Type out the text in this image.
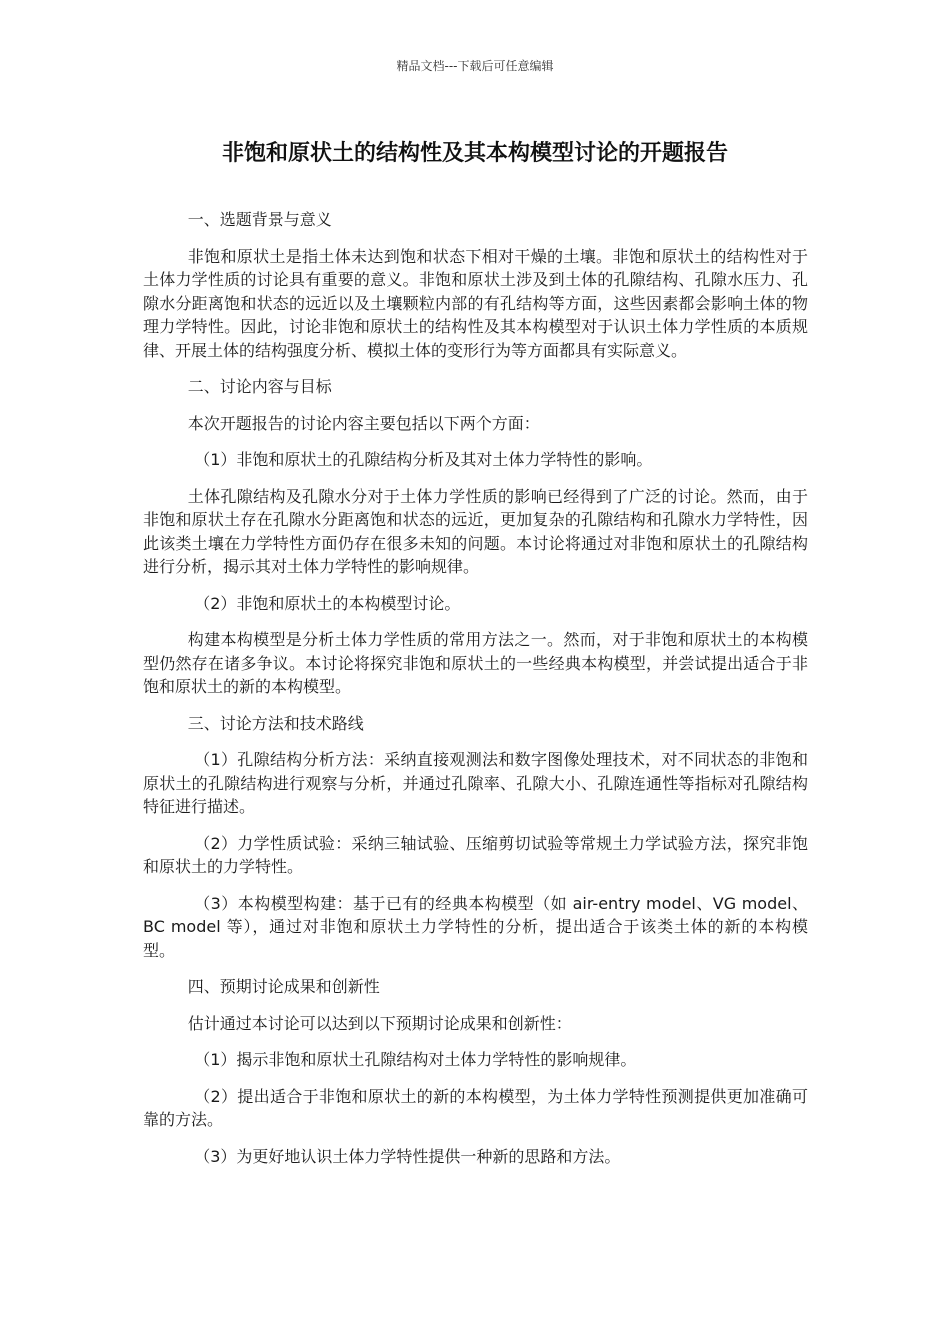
精品文档---下载后可任意编辑
非饱和原状土的结构性及其本构模型讨论的开题报告

一、选题背景与意义

非饱和原状土是指土体未达到饱和状态下相对干燥的土壤。非饱和原状土的结构性对于土体力学性质的讨论具有重要的意义。非饱和原状土涉及到土体的孔隙结构、孔隙水压力、孔隙水分距离饱和状态的远近以及土壤颗粒内部的有孔结构等方面，这些因素都会影响土体的物理力学特性。因此，讨论非饱和原状土的结构性及其本构模型对于认识土体力学性质的本质规律、开展土体的结构强度分析、模拟土体的变形行为等方面都具有实际意义。

二、讨论内容与目标

本次开题报告的讨论内容主要包括以下两个方面：

（1）非饱和原状土的孔隙结构分析及其对土体力学特性的影响。

土体孔隙结构及孔隙水分对于土体力学性质的影响已经得到了广泛的讨论。然而，由于非饱和原状土存在孔隙水分距离饱和状态的远近，更加复杂的孔隙结构和孔隙水力学特性，因此该类土壤在力学特性方面仍存在很多未知的问题。本讨论将通过对非饱和原状土的孔隙结构进行分析，揭示其对土体力学特性的影响规律。

（2）非饱和原状土的本构模型讨论。

构建本构模型是分析土体力学性质的常用方法之一。然而，对于非饱和原状土的本构模型仍然存在诸多争议。本讨论将探究非饱和原状土的一些经典本构模型，并尝试提出适合于非饱和原状土的新的本构模型。

三、讨论方法和技术路线

（1）孔隙结构分析方法：采纳直接观测法和数字图像处理技术，对不同状态的非饱和原状土的孔隙结构进行观察与分析，并通过孔隙率、孔隙大小、孔隙连通性等指标对孔隙结构特征进行描述。

（2）力学性质试验：采纳三轴试验、压缩剪切试验等常规土力学试验方法，探究非饱和原状土的力学特性。

（3）本构模型构建：基于已有的经典本构模型（如 air-entry model、VG model、BC model 等），通过对非饱和原状土力学特性的分析，提出适合于该类土体的新的本构模型。

四、预期讨论成果和创新性

估计通过本讨论可以达到以下预期讨论成果和创新性：

（1）揭示非饱和原状土孔隙结构对土体力学特性的影响规律。

（2）提出适合于非饱和原状土的新的本构模型，为土体力学特性预测提供更加准确可靠的方法。

（3）为更好地认识土体力学特性提供一种新的思路和方法。
